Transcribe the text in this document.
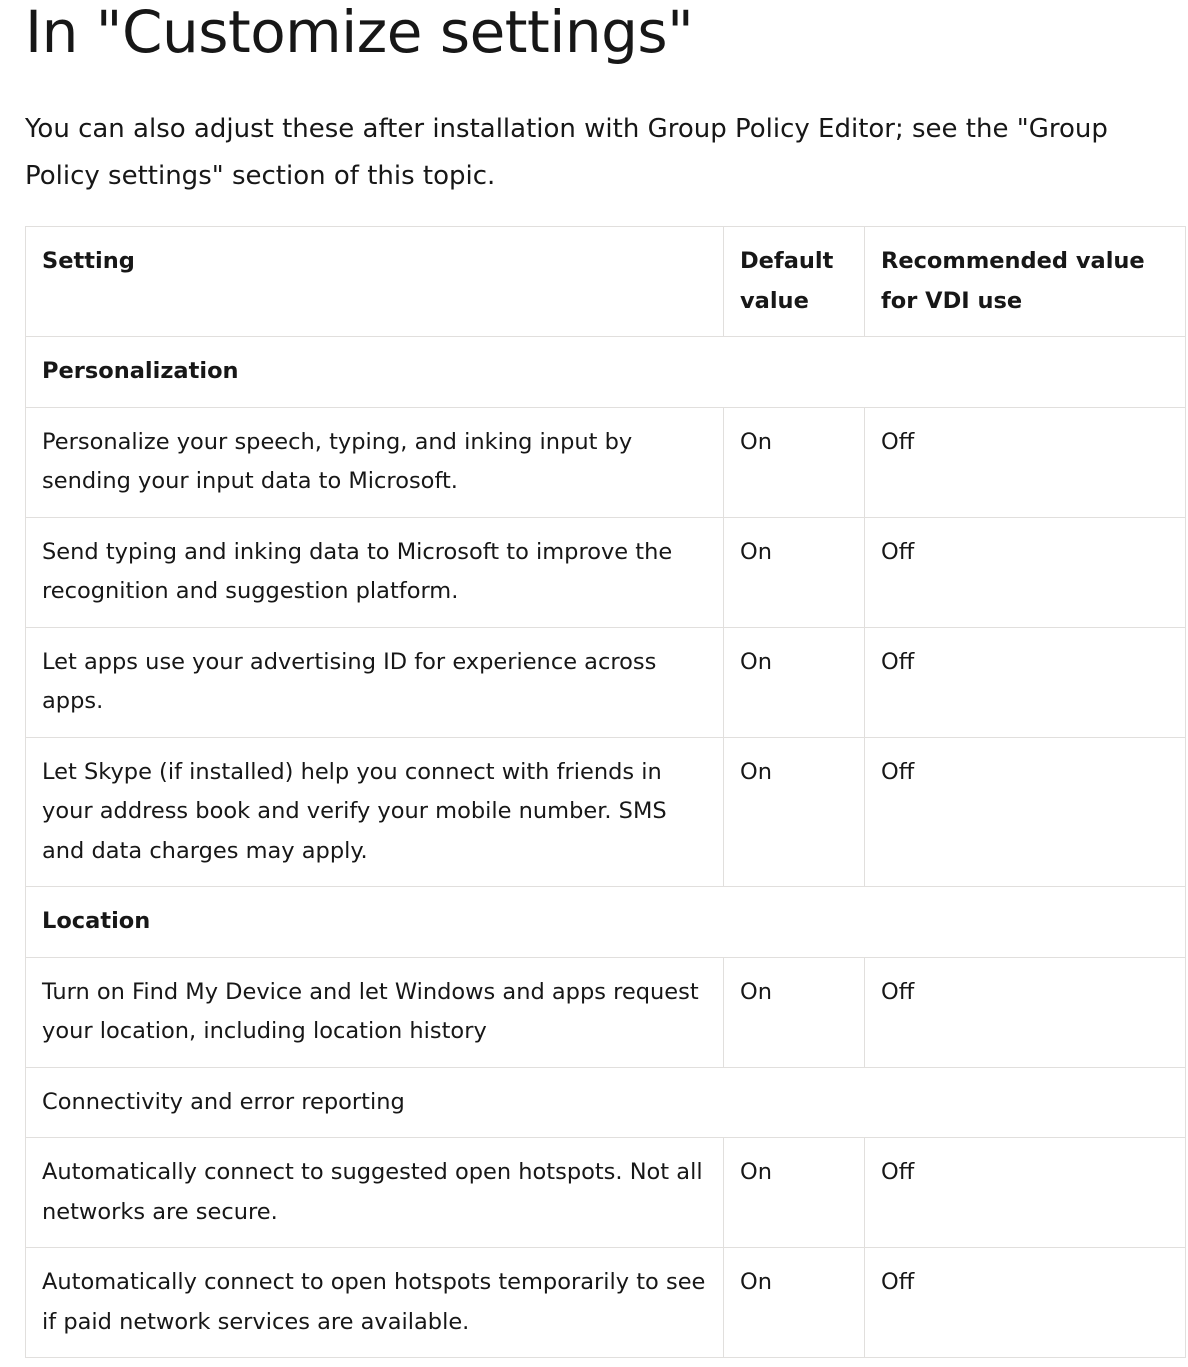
In "Customize settings"

You can also adjust these after installation with Group Policy Editor; see the "Group Policy settings" section of this topic.

Setting	Default value	Recommended value for VDI use
Personalization		
Personalize your speech, typing, and inking input by sending your input data to Microsoft.	On	Off
Send typing and inking data to Microsoft to improve the recognition and suggestion platform.	On	Off
Let apps use your advertising ID for experience across apps.	On	Off
Let Skype (if installed) help you connect with friends in your address book and verify your mobile number. SMS and data charges may apply.	On	Off
Location		
Turn on Find My Device and let Windows and apps request your location, including location history	On	Off
Connectivity and error reporting		
Automatically connect to suggested open hotspots. Not all networks are secure.	On	Off
Automatically connect to open hotspots temporarily to see if paid network services are available.	On	Off
